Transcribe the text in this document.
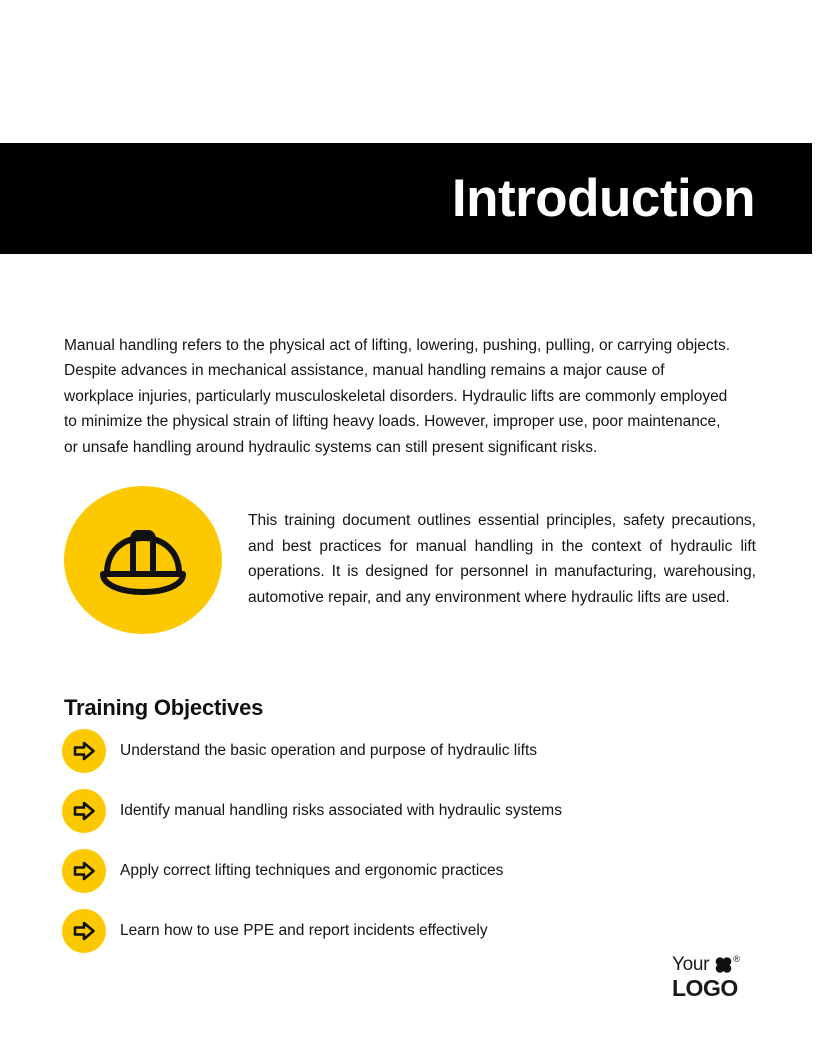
Introduction

Manual handling refers to the physical act of lifting, lowering, pushing, pulling, or carrying objects. Despite advances in mechanical assistance, manual handling remains a major cause of workplace injuries, particularly musculoskeletal disorders. Hydraulic lifts are commonly employed to minimize the physical strain of lifting heavy loads. However, improper use, poor maintenance, or unsafe handling around hydraulic systems can still present significant risks.

This training document outlines essential principles, safety precautions, and best practices for manual handling in the context of hydraulic lift operations. It is designed for personnel in manufacturing, warehousing, automotive repair, and any environment where hydraulic lifts are used.

Training Objectives
Understand the basic operation and purpose of hydraulic lifts
Identify manual handling risks associated with hydraulic systems
Apply correct lifting techniques and ergonomic practices
Learn how to use PPE and report incidents effectively
Your	®
LOGO
